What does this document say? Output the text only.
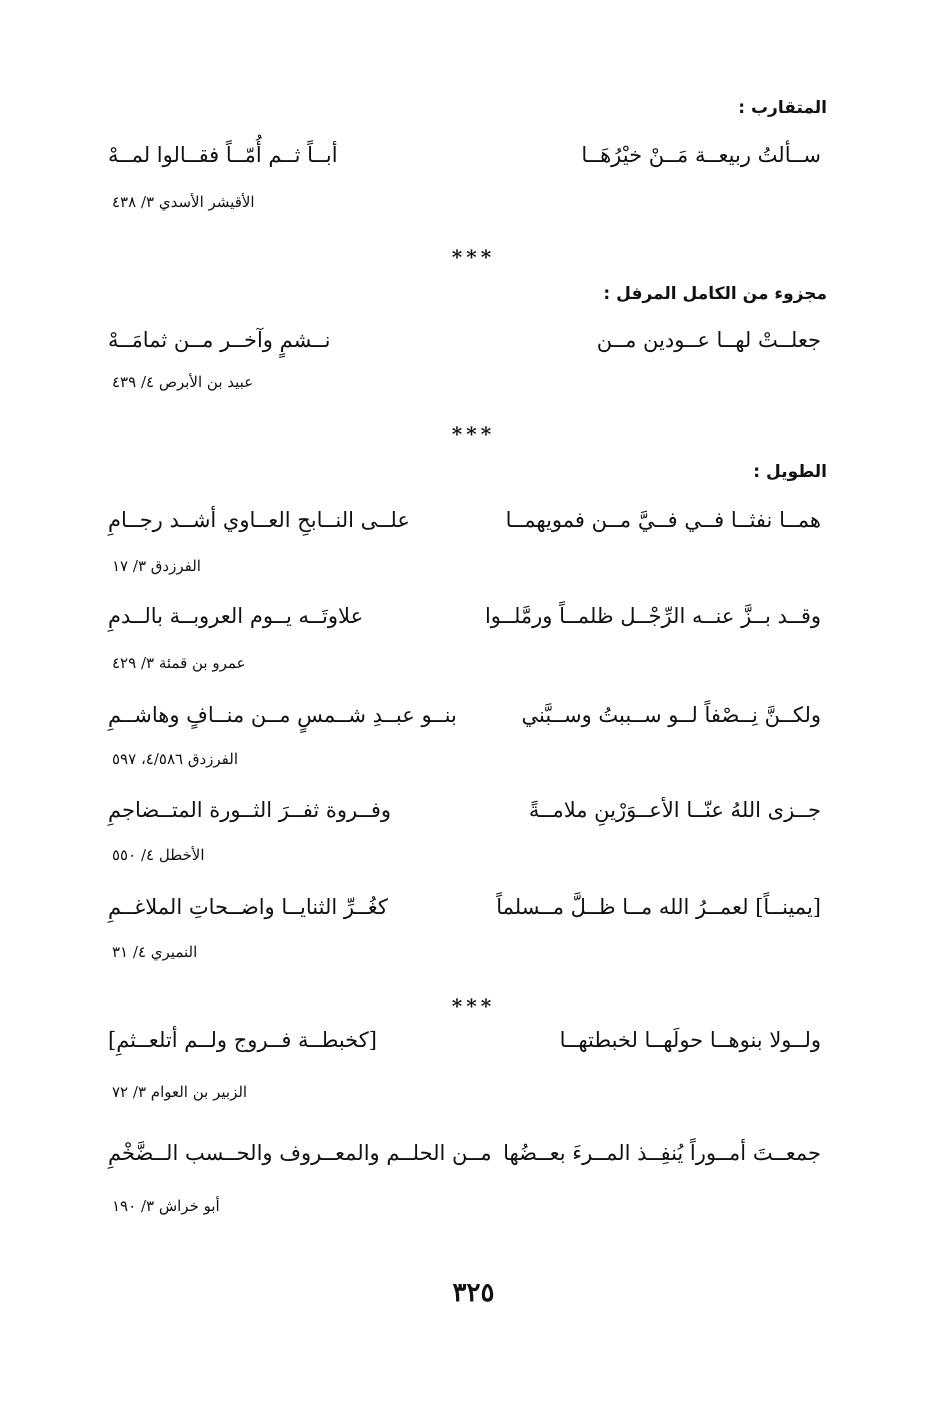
المتقارب :
ســألتُ ربيعــة مَــنْ خيْرُهَــا
أبــاً ثــم أُمّــاً فقــالوا لمــهْ
الأقيشر الأسدي ٣/ ٤٣٨
***
مجزوء من الكامل المرفل :
جعلــتْ لهــا عــودين مــن
نــشمٍ وآخــر مــن ثمامَــهْ
عبيد بن الأبرص ٤/ ٤٣٩
***
الطويل :
همــا نفثــا فــي فــيَّ مــن فمويهمــا
علــى النــابحِ العــاوي أشــد رجــامِ
الفرزدق ٣/ ١٧
وقــد بــزَّ عنــه الرِّجْــل ظلمــاً ورمَّلــوا
علاوتَــه يــوم العروبــة بالــدمِ
عمرو بن قمئة ٣/ ٤٢٩
ولكــنَّ نِــصْفاً لــو ســببتُ وســبَّني
بنــو عبــدِ شــمسٍ مــن منــافٍ وهاشــمِ
الفرزدق ٤/٥٨٦، ٥٩٧
جــزى اللهُ عنّــا الأعــوَرْينِ ملامــةً
وفــروة ثفــرَ الثــورة المتــضاجمِ
الأخطل ٤/ ٥٥٠
[يمينــاً] لعمــرُ الله مــا ظــلَّ مــسلماً
كغُــرِّ الثنايــا واضــحاتِ الملاغــمِ
النميري ٤/ ٣١
***
ولــولا بنوهــا حولَهــا لخبطتهــا
[كخبطــة فــروج ولــم أتلعــثمِ]
الزبير بن العوام ٣/ ٧٢
جمعــتَ أمــوراً يُنفِــذ المــرءَ بعــضُها
مــن الحلــم والمعــروف والحــسب الــضَّخْمِ
أبو خراش ٣/ ١٩٠
٣٢٥
